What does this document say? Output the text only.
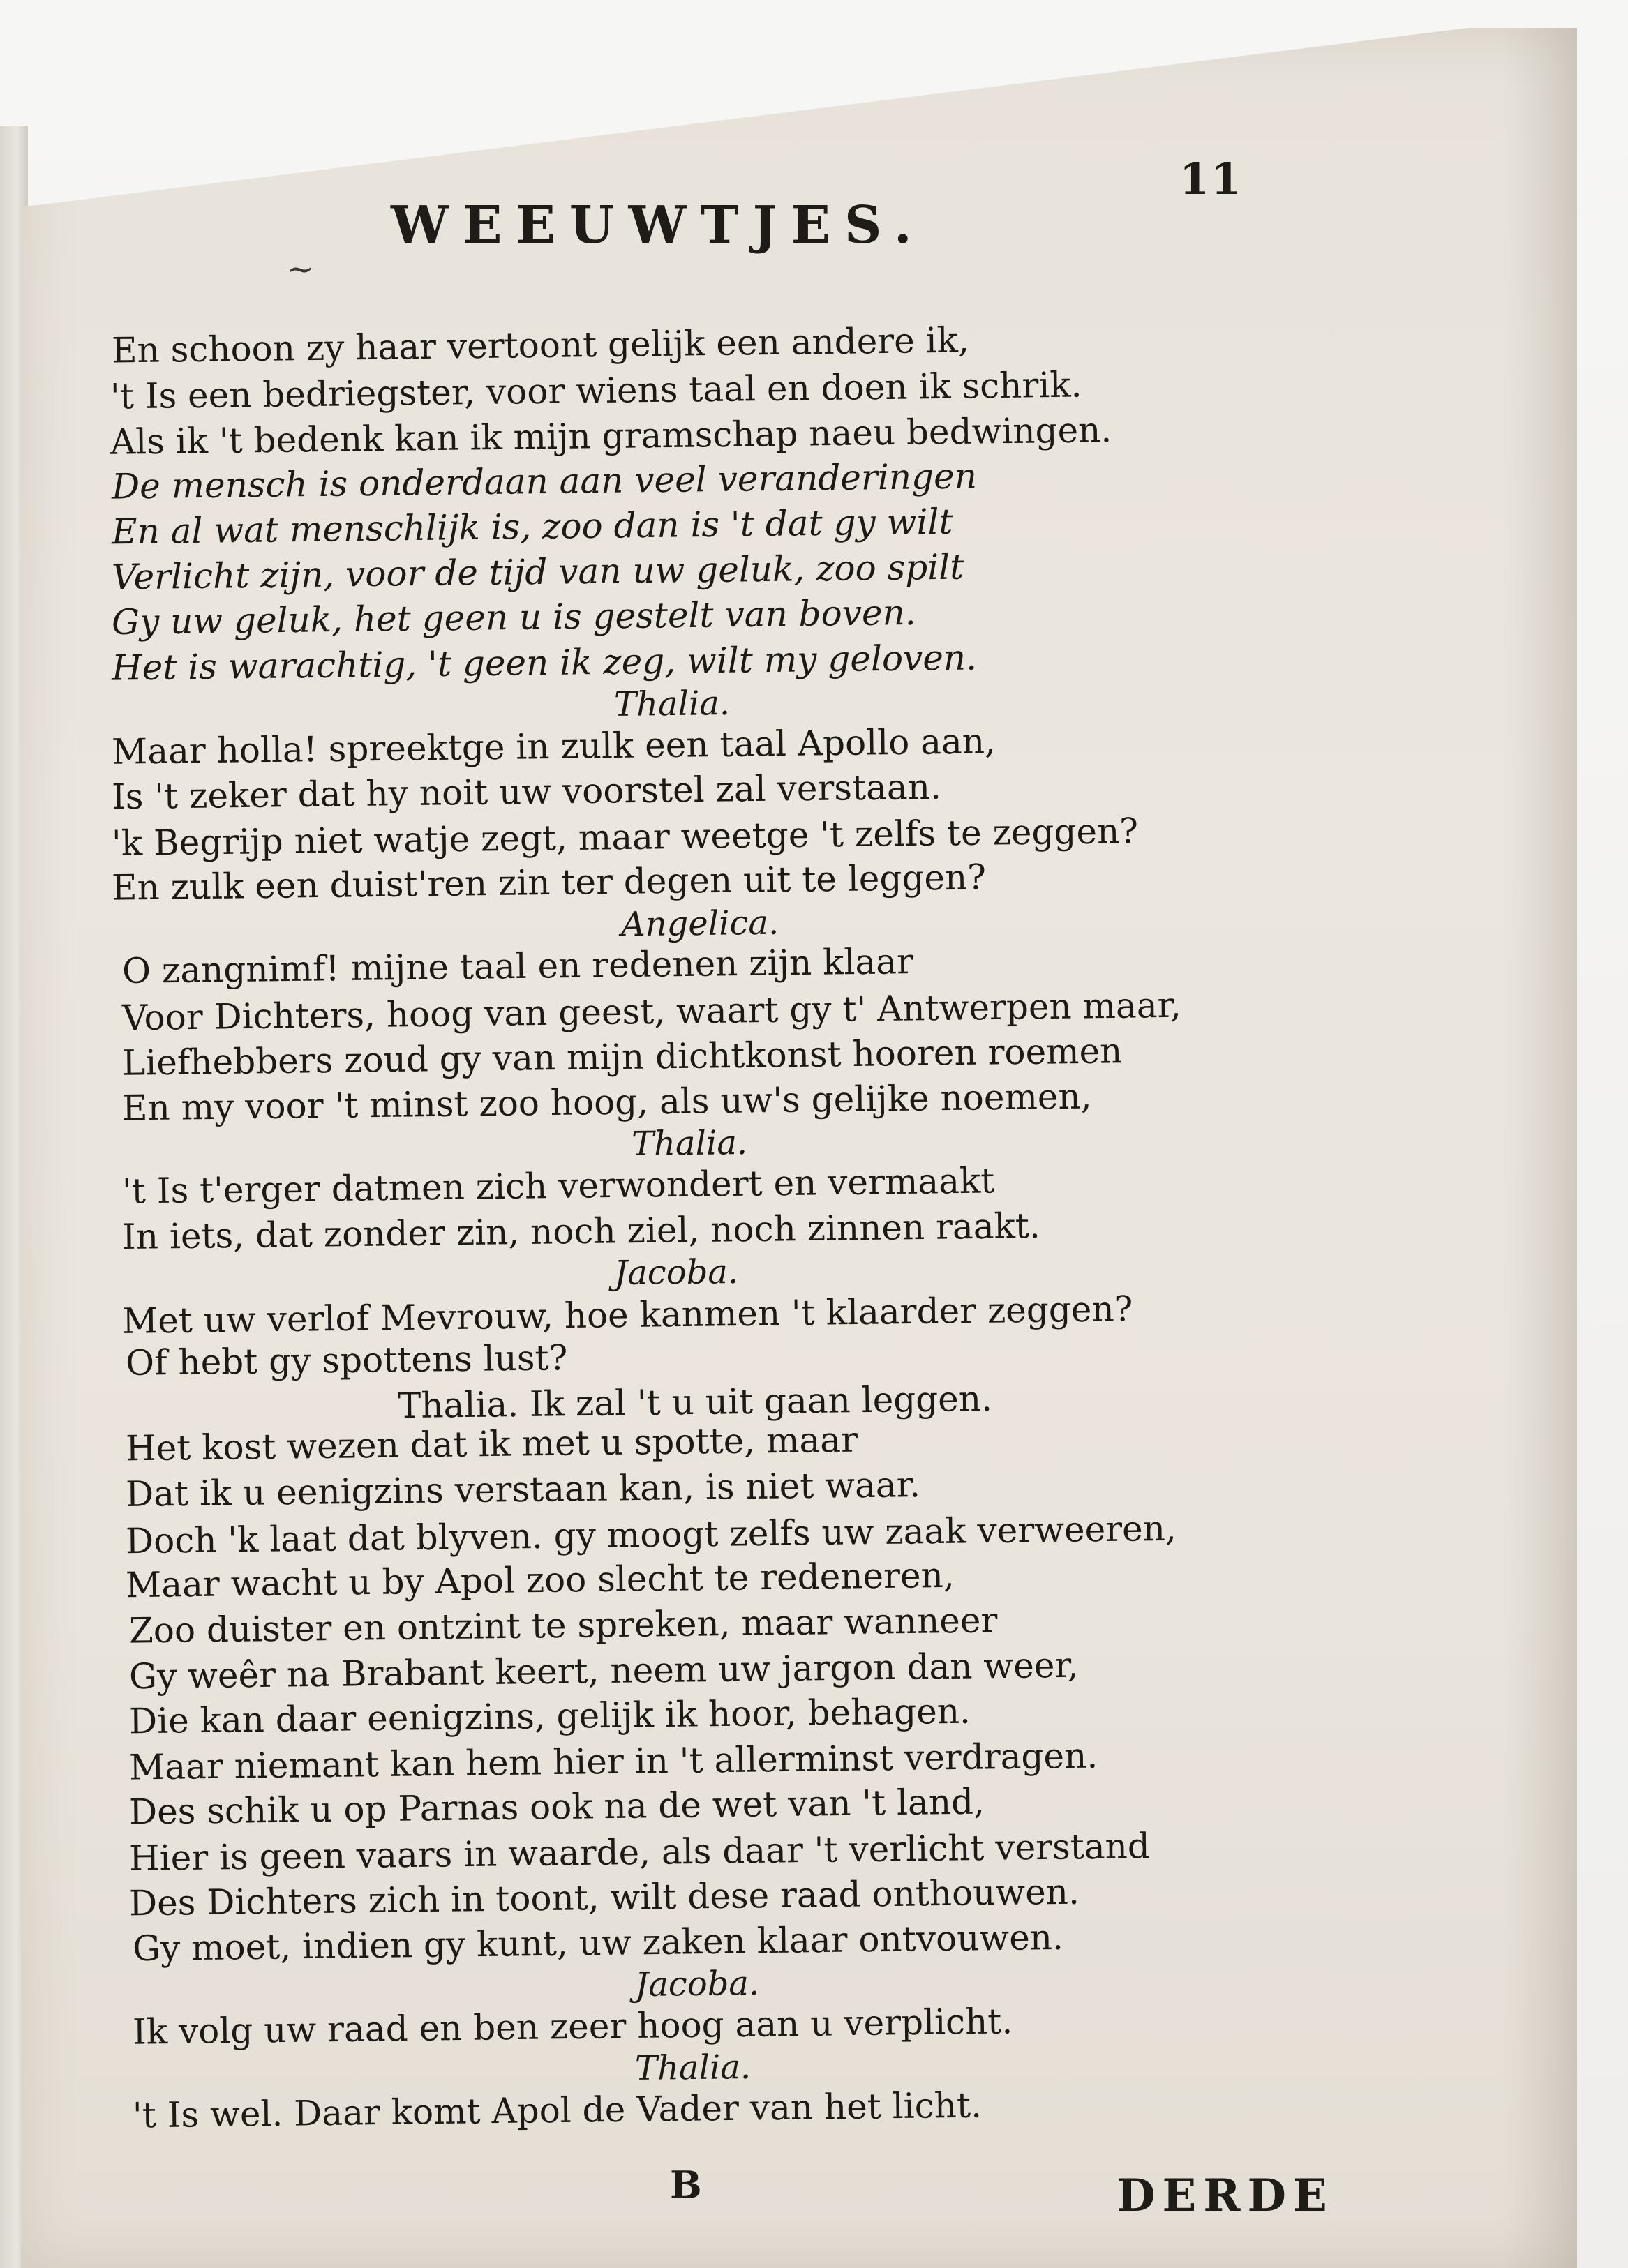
11
WEEUWTJES.
~
En schoon zy haar vertoont gelijk een andere ik,
't Is een bedriegster, voor wiens taal en doen ik schrik.
Als ik 't bedenk kan ik mijn gramschap naeu bedwingen.
De mensch is onderdaan aan veel veranderingen
En al wat menschlijk is, zoo dan is 't dat gy wilt
Verlicht zijn, voor de tijd van uw geluk, zoo spilt
Gy uw geluk, het geen u is gestelt van boven.
Het is warachtig, 't geen ik zeg, wilt my geloven.
Thalia.
Maar holla! spreektge in zulk een taal Apollo aan,
Is 't zeker dat hy noit uw voorstel zal verstaan.
'k Begrijp niet watje zegt, maar weetge 't zelfs te zeggen?
En zulk een duist'ren zin ter degen uit te leggen?
Angelica.
O zangnimf! mijne taal en redenen zijn klaar
Voor Dichters, hoog van geest, waart gy t' Antwerpen maar,
Liefhebbers zoud gy van mijn dichtkonst hooren roemen
En my voor 't minst zoo hoog, als uw's gelijke noemen,
Thalia.
't Is t'erger datmen zich verwondert en vermaakt
In iets, dat zonder zin, noch ziel, noch zinnen raakt.
Jacoba.
Met uw verlof Mevrouw, hoe kanmen 't klaarder zeggen?
Of hebt gy spottens lust?
Thalia. Ik zal 't u uit gaan leggen.
Het kost wezen dat ik met u spotte, maar
Dat ik u eenigzins verstaan kan, is niet waar.
Doch 'k laat dat blyven. gy moogt zelfs uw zaak verweeren,
Maar wacht u by Apol zoo slecht te redeneren,
Zoo duister en ontzint te spreken, maar wanneer
Gy weêr na Brabant keert, neem uw jargon dan weer,
Die kan daar eenigzins, gelijk ik hoor, behagen.
Maar niemant kan hem hier in 't allerminst verdragen.
Des schik u op Parnas ook na de wet van 't land,
Hier is geen vaars in waarde, als daar 't verlicht verstand
Des Dichters zich in toont, wilt dese raad onthouwen.
Gy moet, indien gy kunt, uw zaken klaar ontvouwen.
Jacoba.
Ik volg uw raad en ben zeer hoog aan u verplicht.
Thalia.
't Is wel. Daar komt Apol de Vader van het licht.
B	DERDE
